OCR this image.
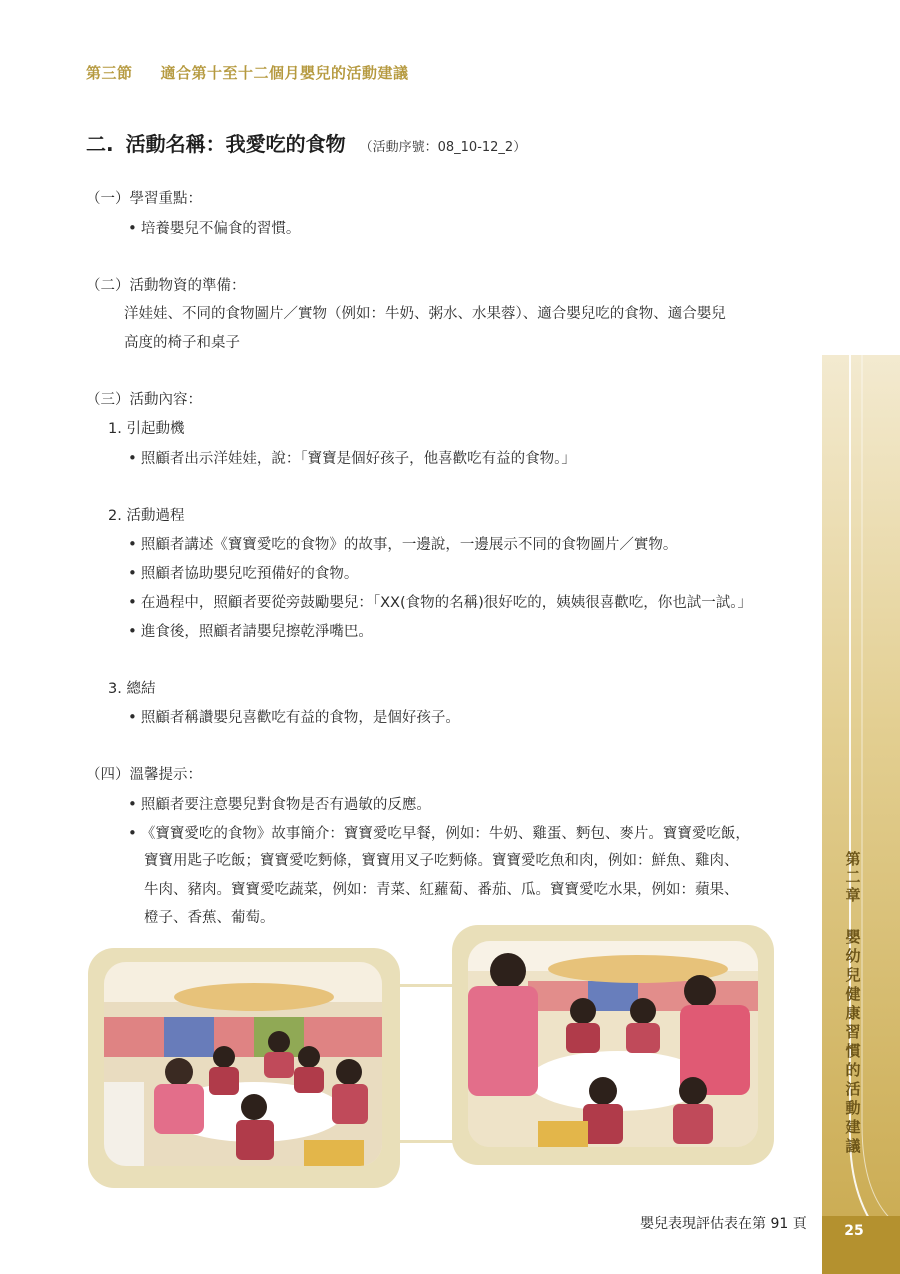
第三節 適合第十至十二個月嬰兒的活動建議
二. 活動名稱：我愛吃的食物 （活動序號：08_10-12_2）
（一）學習重點：
• 培養嬰兒不偏食的習慣。
（二）活動物資的準備：
洋娃娃、不同的食物圖片／實物（例如：牛奶、粥水、水果蓉）、適合嬰兒吃的食物、適合嬰兒
高度的椅子和桌子
（三）活動內容：
1. 引起動機
• 照顧者出示洋娃娃，說：「寶寶是個好孩子，他喜歡吃有益的食物。」
2. 活動過程
• 照顧者講述《寶寶愛吃的食物》的故事，一邊說，一邊展示不同的食物圖片／實物。
• 照顧者協助嬰兒吃預備好的食物。
• 在過程中，照顧者要從旁鼓勵嬰兒：「XX(食物的名稱)很好吃的，姨姨很喜歡吃，你也試一試。」
• 進食後，照顧者請嬰兒擦乾淨嘴巴。
3. 總結
• 照顧者稱讚嬰兒喜歡吃有益的食物，是個好孩子。
（四）溫馨提示：
• 照顧者要注意嬰兒對食物是否有過敏的反應。
• 《寶寶愛吃的食物》故事簡介：寶寶愛吃早餐，例如：牛奶、雞蛋、麪包、麥片。寶寶愛吃飯，
寶寶用匙子吃飯；寶寶愛吃麪條，寶寶用叉子吃麪條。寶寶愛吃魚和肉，例如：鮮魚、雞肉、
牛肉、豬肉。寶寶愛吃蔬菜，例如：青菜、紅蘿蔔、番茄、瓜。寶寶愛吃水果，例如：蘋果、
橙子、香蕉、葡萄。
第二章
嬰幼兒健康習慣的活動建議
嬰兒表現評估表在第 91 頁	25
